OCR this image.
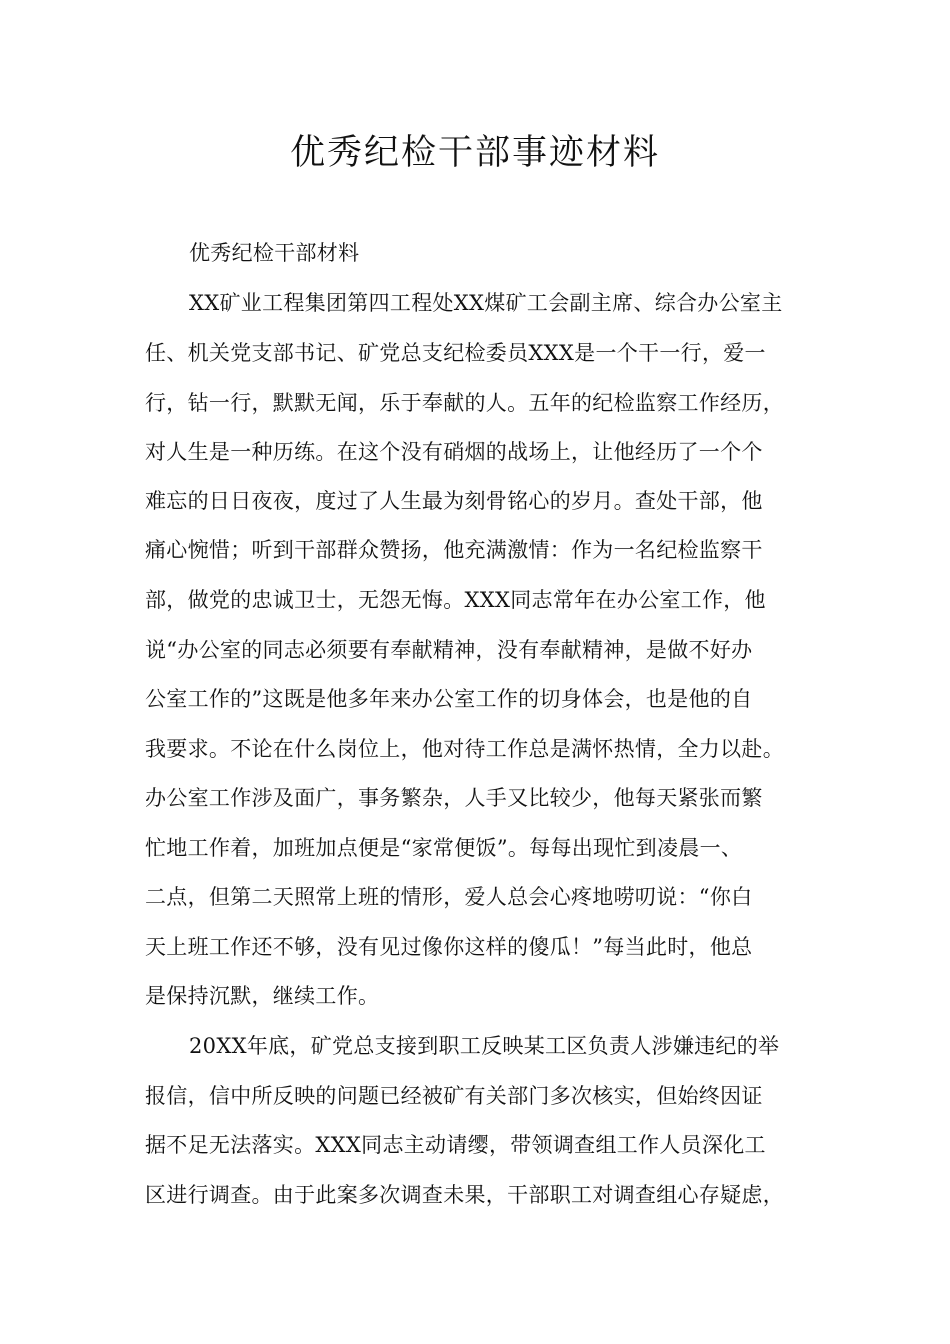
优秀纪检干部事迹材料
优秀纪检干部材料
XX矿业工程集团第四工程处XX煤矿工会副主席、综合办公室主
任、机关党支部书记、矿党总支纪检委员XXX是一个干一行，爱一
行，钻一行，默默无闻，乐于奉献的人。五年的纪检监察工作经历，
对人生是一种历练。在这个没有硝烟的战场上，让他经历了一个个
难忘的日日夜夜，度过了人生最为刻骨铭心的岁月。查处干部，他
痛心惋惜；听到干部群众赞扬，他充满激情：作为一名纪检监察干
部，做党的忠诚卫士，无怨无悔。XXX同志常年在办公室工作，他
说“办公室的同志必须要有奉献精神，没有奉献精神，是做不好办
公室工作的”这既是他多年来办公室工作的切身体会，也是他的自
我要求。不论在什么岗位上，他对待工作总是满怀热情，全力以赴。
办公室工作涉及面广，事务繁杂，人手又比较少，他每天紧张而繁
忙地工作着，加班加点便是“家常便饭”。每每出现忙到凌晨一、
二点，但第二天照常上班的情形，爱人总会心疼地唠叨说：“你白
天上班工作还不够，没有见过像你这样的傻瓜！”每当此时，他总
是保持沉默，继续工作。
20XX年底，矿党总支接到职工反映某工区负责人涉嫌违纪的举
报信，信中所反映的问题已经被矿有关部门多次核实，但始终因证
据不足无法落实。XXX同志主动请缨，带领调查组工作人员深化工
区进行调查。由于此案多次调查未果，干部职工对调查组心存疑虑，
